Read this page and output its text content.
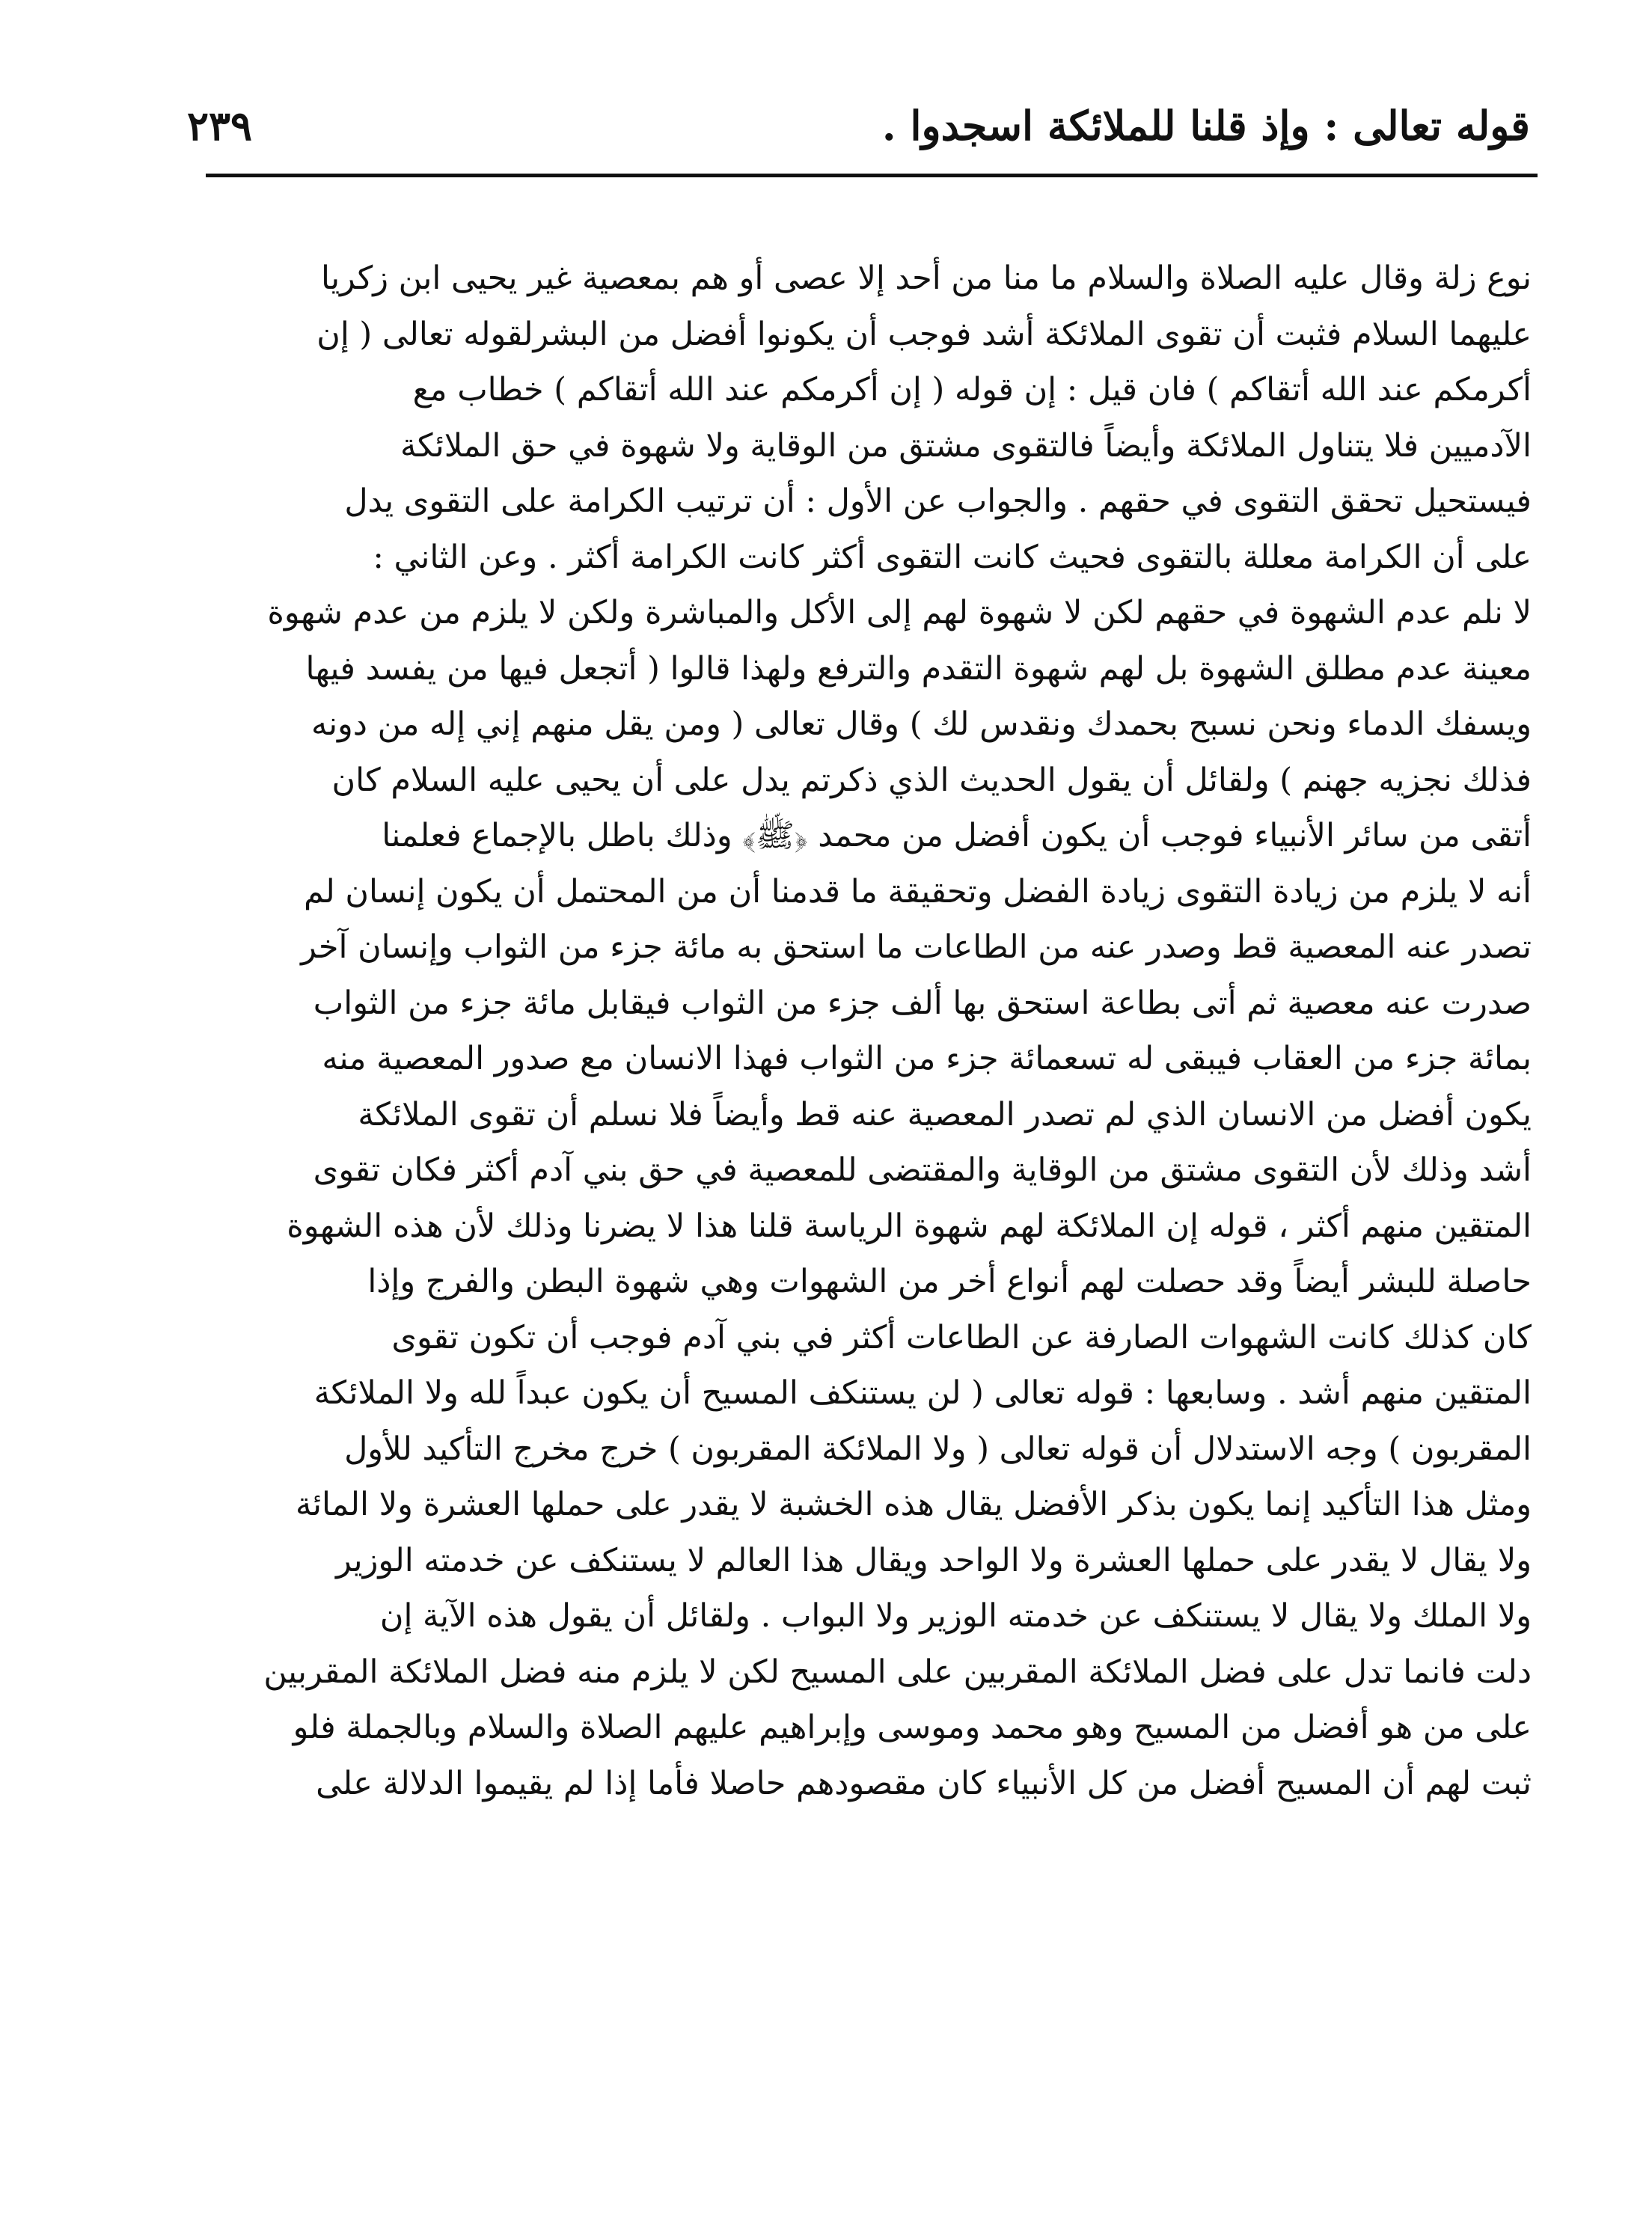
قوله تعالى : وإذ قلنا للملائكة اسجدوا .
٢٣٩
نوع زلة وقال عليه الصلاة والسلام ما منا من أحد إلا عصى أو هم بمعصية غير يحيى ابن زكريا
عليهما السلام فثبت أن تقوى الملائكة أشد فوجب أن يكونوا أفضل من البشرلقوله تعالى ( إن
أكرمكم عند الله أتقاكم ) فان قيل : إن قوله ( إن أكرمكم عند الله أتقاكم ) خطاب مع
الآدميين فلا يتناول الملائكة وأيضاً فالتقوى مشتق من الوقاية ولا شهوة في حق الملائكة
فيستحيل تحقق التقوى في حقهم . والجواب عن الأول : أن ترتيب الكرامة على التقوى يدل
على أن الكرامة معللة بالتقوى فحيث كانت التقوى أكثر كانت الكرامة أكثر . وعن الثاني :
لا نلم عدم الشهوة في حقهم لكن لا شهوة لهم إلى الأكل والمباشرة ولكن لا يلزم من عدم شهوة
معينة عدم مطلق الشهوة بل لهم شهوة التقدم والترفع ولهذا قالوا ( أتجعل فيها من يفسد فيها
ويسفك الدماء ونحن نسبح بحمدك ونقدس لك ) وقال تعالى ( ومن يقل منهم إني إله من دونه
فذلك نجزيه جهنم ) ولقائل أن يقول الحديث الذي ذكرتم يدل على أن يحيى عليه السلام كان
أتقى من سائر الأنبياء فوجب أن يكون أفضل من محمد ﴿ﷺ﴾ وذلك باطل بالإجماع فعلمنا
أنه لا يلزم من زيادة التقوى زيادة الفضل وتحقيقة ما قدمنا أن من المحتمل أن يكون إنسان لم
تصدر عنه المعصية قط وصدر عنه من الطاعات ما استحق به مائة جزء من الثواب وإنسان آخر
صدرت عنه معصية ثم أتى بطاعة استحق بها ألف جزء من الثواب فيقابل مائة جزء من الثواب
بمائة جزء من العقاب فيبقى له تسعمائة جزء من الثواب فهذا الانسان مع صدور المعصية منه
يكون أفضل من الانسان الذي لم تصدر المعصية عنه قط وأيضاً فلا نسلم أن تقوى الملائكة
أشد وذلك لأن التقوى مشتق من الوقاية والمقتضى للمعصية في حق بني آدم أكثر فكان تقوى
المتقين منهم أكثر ، قوله إن الملائكة لهم شهوة الرياسة قلنا هذا لا يضرنا وذلك لأن هذه الشهوة
حاصلة للبشر أيضاً وقد حصلت لهم أنواع أخر من الشهوات وهي شهوة البطن والفرج وإذا
كان كذلك كانت الشهوات الصارفة عن الطاعات أكثر في بني آدم فوجب أن تكون تقوى
المتقين منهم أشد . وسابعها : قوله تعالى ( لن يستنكف المسيح أن يكون عبداً لله ولا الملائكة
المقربون ) وجه الاستدلال أن قوله تعالى ( ولا الملائكة المقربون ) خرج مخرج التأكيد للأول
ومثل هذا التأكيد إنما يكون بذكر الأفضل يقال هذه الخشبة لا يقدر على حملها العشرة ولا المائة
ولا يقال لا يقدر على حملها العشرة ولا الواحد ويقال هذا العالم لا يستنكف عن خدمته الوزير
ولا الملك ولا يقال لا يستنكف عن خدمته الوزير ولا البواب . ولقائل أن يقول هذه الآية إن
دلت فانما تدل على فضل الملائكة المقربين على المسيح لكن لا يلزم منه فضل الملائكة المقربين
على من هو أفضل من المسيح وهو محمد وموسى وإبراهيم عليهم الصلاة والسلام وبالجملة فلو
ثبت لهم أن المسيح أفضل من كل الأنبياء كان مقصودهم حاصلا فأما إذا لم يقيموا الدلالة على
